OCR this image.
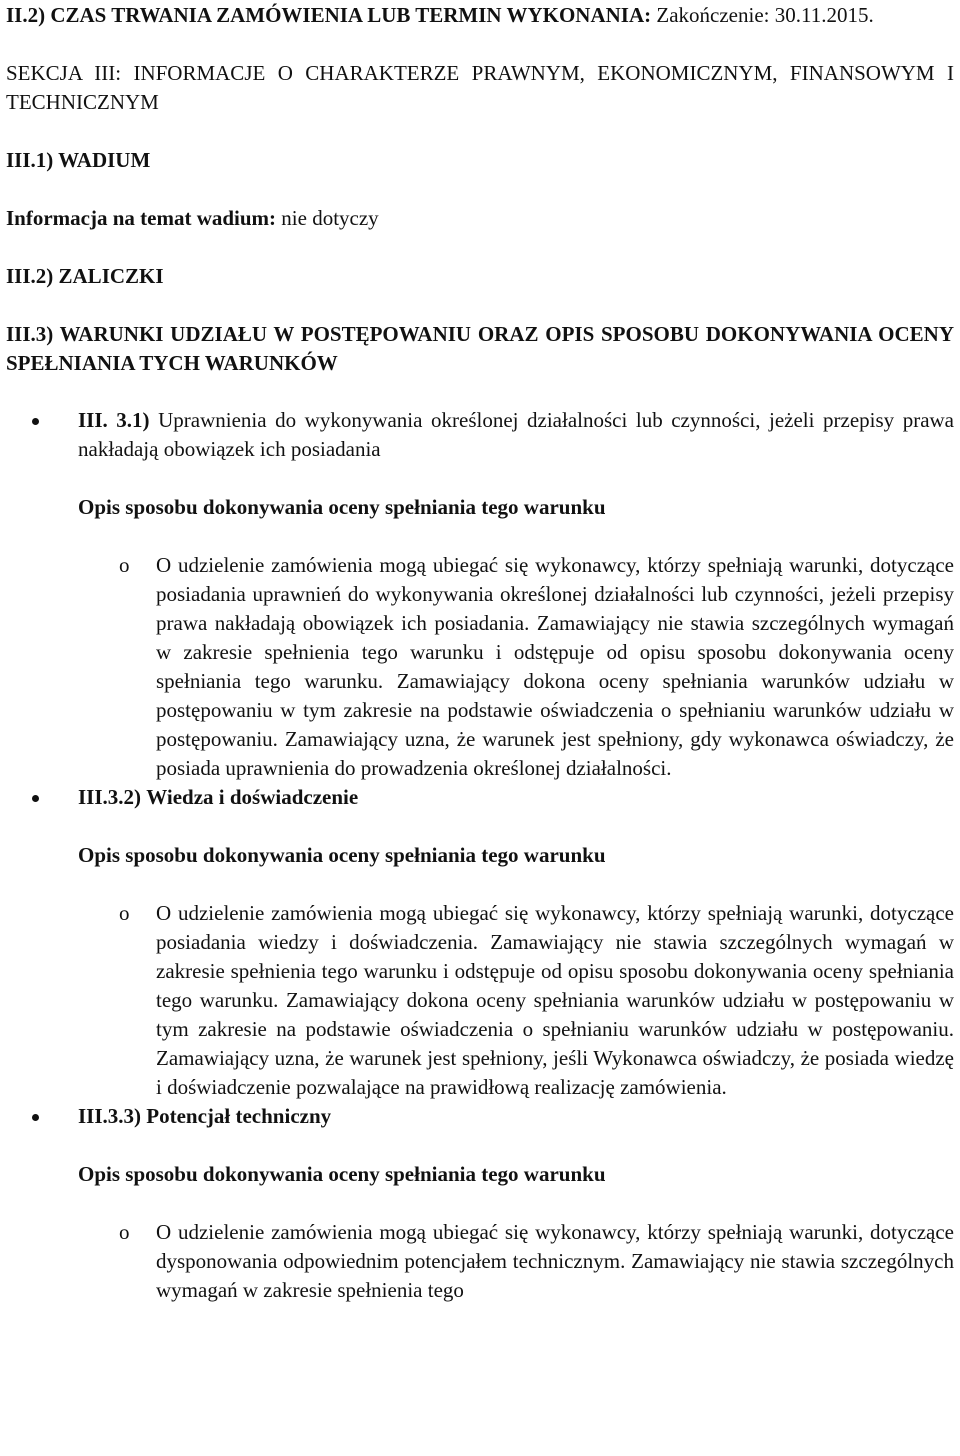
II.2) CZAS TRWANIA ZAMÓWIENIA LUB TERMIN WYKONANIA: Zakończenie: 30.11.2015.

SEKCJA III: INFORMACJE O CHARAKTERZE PRAWNYM, EKONOMICZNYM, FINANSOWYM I TECHNICZNYM

III.1) WADIUM

Informacja na temat wadium: nie dotyczy

III.2) ZALICZKI

III.3) WARUNKI UDZIAŁU W POSTĘPOWANIU ORAZ OPIS SPOSOBU DOKONYWANIA OCENY SPEŁNIANIA TYCH WARUNKÓW

III. 3.1) Uprawnienia do wykonywania określonej działalności lub czynności, jeżeli przepisy prawa nakładają obowiązek ich posiadania

Opis sposobu dokonywania oceny spełniania tego warunku

o O udzielenie zamówienia mogą ubiegać się wykonawcy, którzy spełniają warunki, dotyczące posiadania uprawnień do wykonywania określonej działalności lub czynności, jeżeli przepisy prawa nakładają obowiązek ich posiadania. Zamawiający nie stawia szczególnych wymagań w zakresie spełnienia tego warunku i odstępuje od opisu sposobu dokonywania oceny spełniania tego warunku. Zamawiający dokona oceny spełniania warunków udziału w postępowaniu w tym zakresie na podstawie oświadczenia o spełnianiu warunków udziału w postępowaniu. Zamawiający uzna, że warunek jest spełniony, gdy wykonawca oświadczy, że posiada uprawnienia do prowadzenia określonej działalności.
III.3.2) Wiedza i doświadczenie

Opis sposobu dokonywania oceny spełniania tego warunku

o O udzielenie zamówienia mogą ubiegać się wykonawcy, którzy spełniają warunki, dotyczące posiadania wiedzy i doświadczenia. Zamawiający nie stawia szczególnych wymagań w zakresie spełnienia tego warunku i odstępuje od opisu sposobu dokonywania oceny spełniania tego warunku. Zamawiający dokona oceny spełniania warunków udziału w postępowaniu w tym zakresie na podstawie oświadczenia o spełnianiu warunków udziału w postępowaniu. Zamawiający uzna, że warunek jest spełniony, jeśli Wykonawca oświadczy, że posiada wiedzę i doświadczenie pozwalające na prawidłową realizację zamówienia.
III.3.3) Potencjał techniczny

Opis sposobu dokonywania oceny spełniania tego warunku

o O udzielenie zamówienia mogą ubiegać się wykonawcy, którzy spełniają warunki, dotyczące dysponowania odpowiednim potencjałem technicznym. Zamawiający nie stawia szczególnych wymagań w zakresie spełnienia tego
